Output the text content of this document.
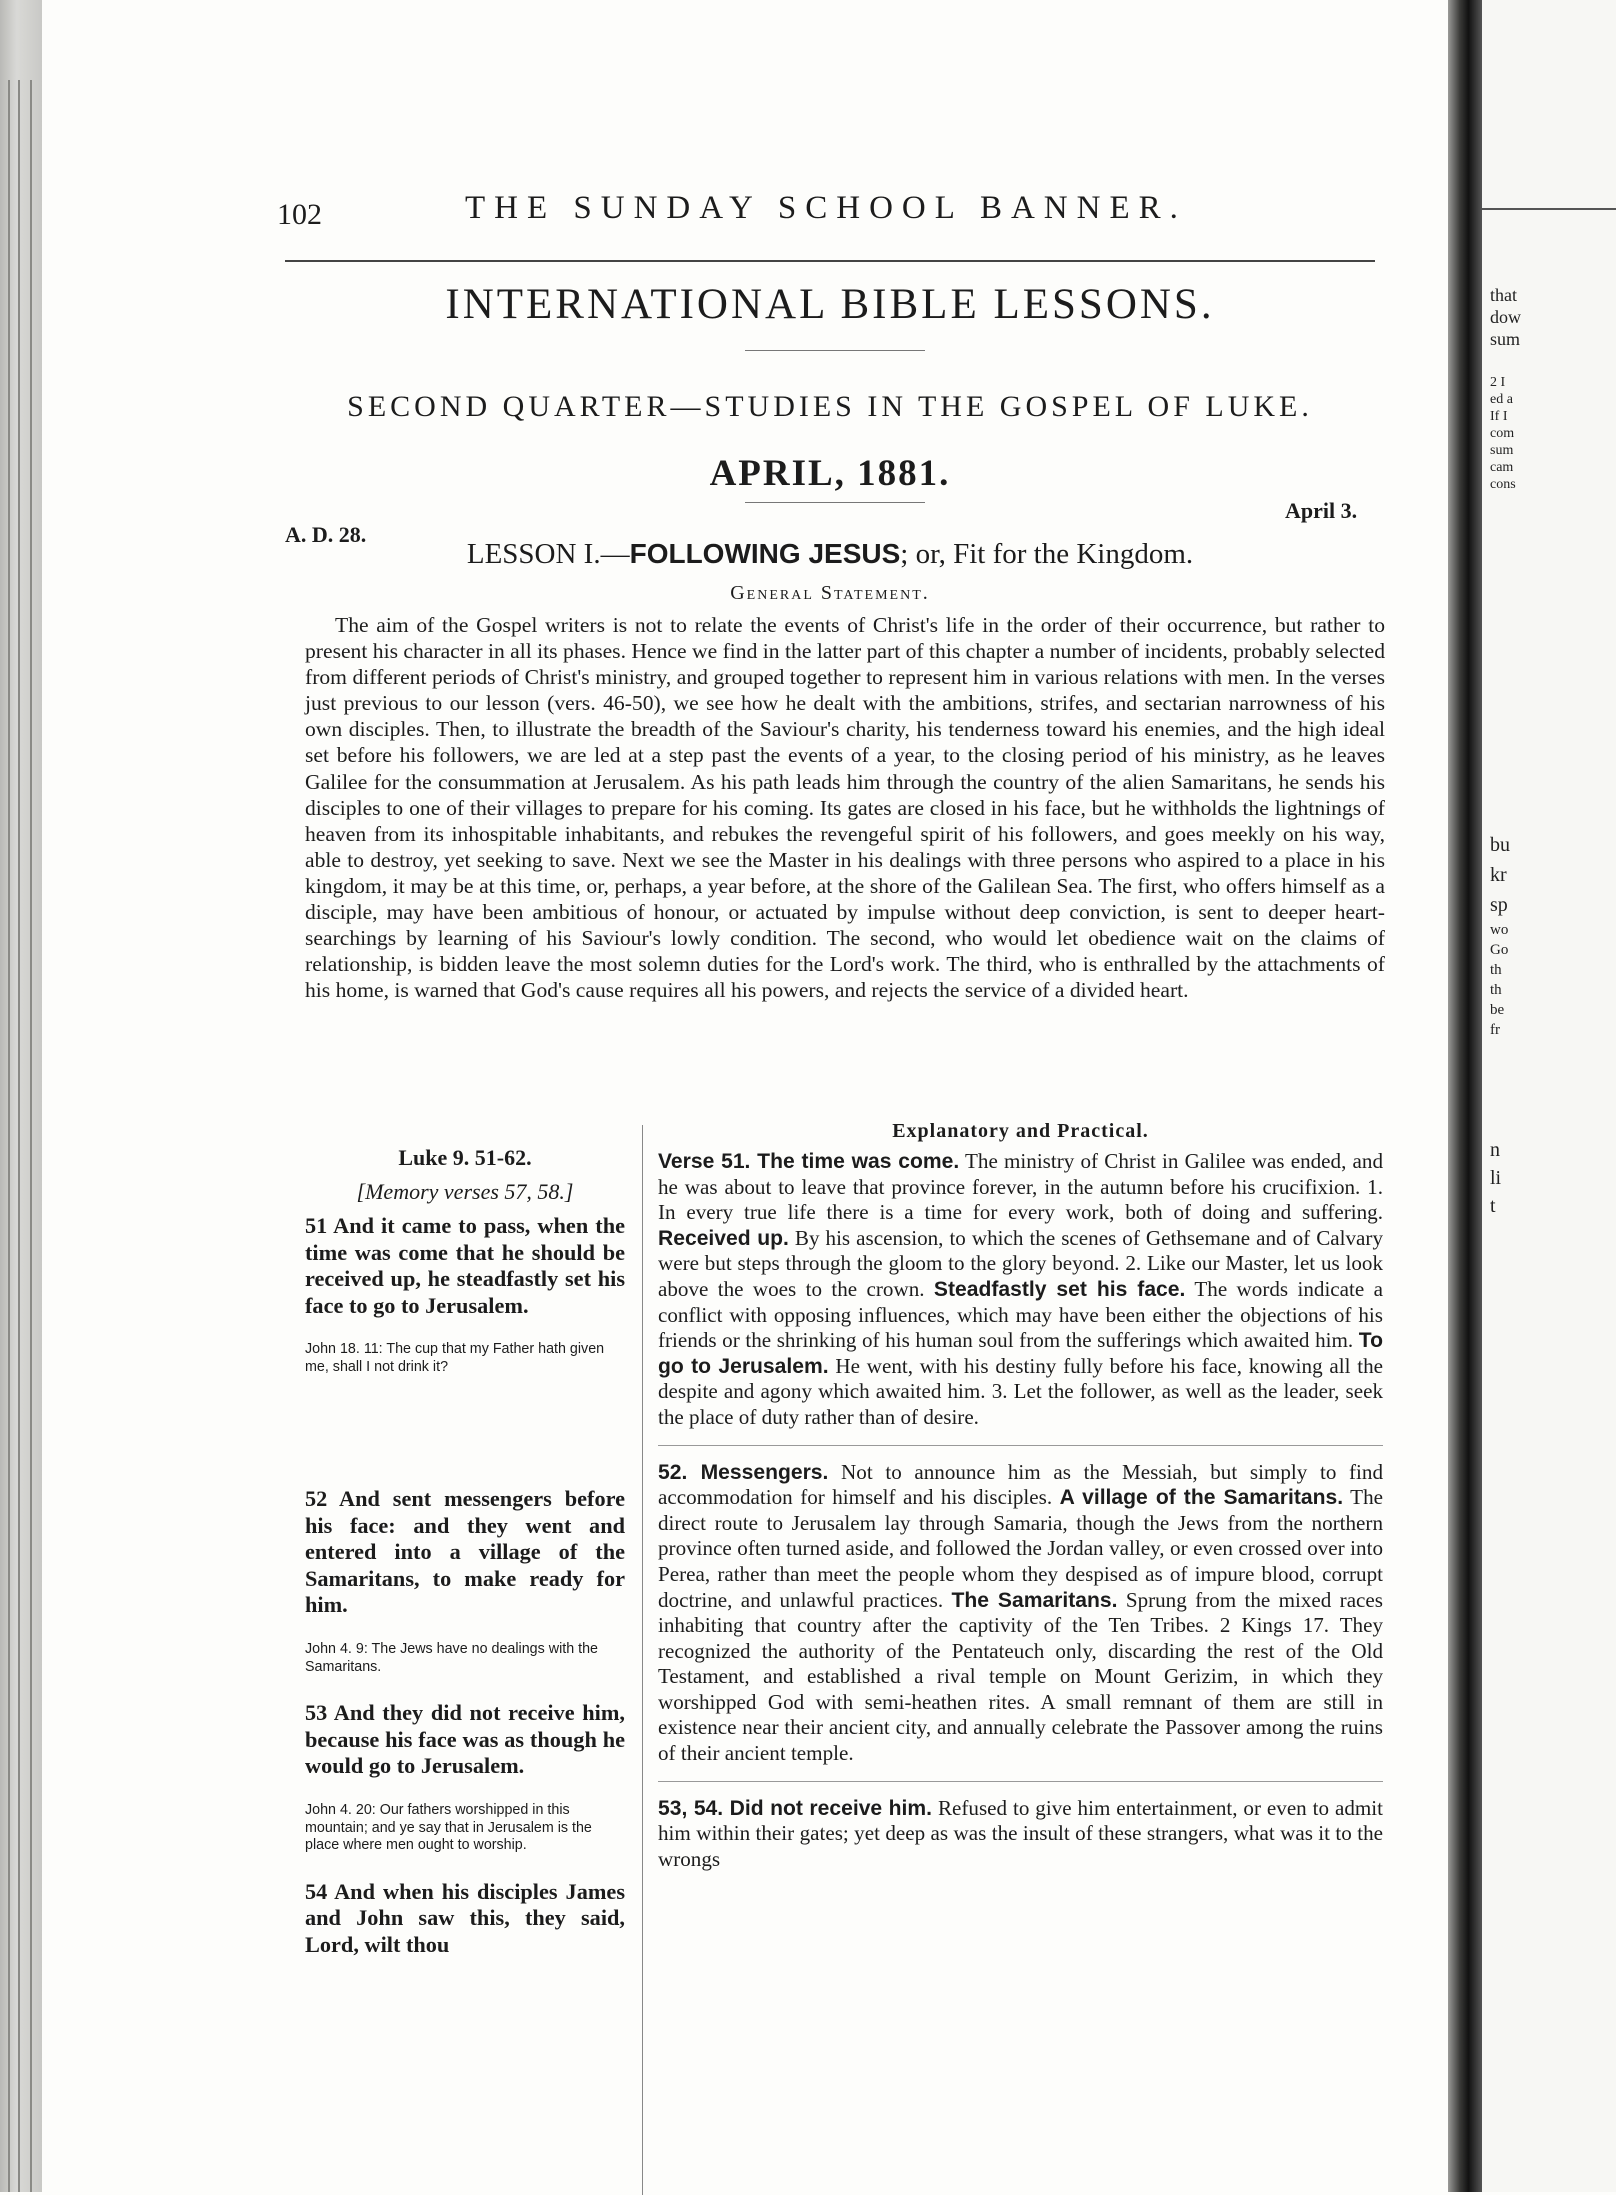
that
dow
sum

2 I
ed a
If I
com
sum
cam
cons

bu
kr
sp

wo
Go
th
th
be
fr

n
li
t

102	THE SUNDAY SCHOOL BANNER.
INTERNATIONAL BIBLE LESSONS.
SECOND QUARTER—STUDIES IN THE GOSPEL OF LUKE.
APRIL, 1881.
A. D. 28.
April 3.
LESSON I.—FOLLOWING JESUS; or, Fit for the Kingdom.
General Statement.

The aim of the Gospel writers is not to relate the events of Christ's life in the order of their occurrence, but rather to present his character in all its phases. Hence we find in the latter part of this chapter a number of incidents, probably selected from different periods of Christ's ministry, and grouped together to represent him in various relations with men. In the verses just previous to our lesson (vers. 46-50), we see how he dealt with the ambitions, strifes, and sectarian narrowness of his own disciples. Then, to illustrate the breadth of the Saviour's charity, his tenderness toward his enemies, and the high ideal set before his followers, we are led at a step past the events of a year, to the closing period of his ministry, as he leaves Galilee for the consummation at Jerusalem. As his path leads him through the country of the alien Samaritans, he sends his disciples to one of their villages to prepare for his coming. Its gates are closed in his face, but he withholds the lightnings of heaven from its inhospitable inhabitants, and rebukes the revengeful spirit of his followers, and goes meekly on his way, able to destroy, yet seeking to save. Next we see the Master in his dealings with three persons who aspired to a place in his kingdom, it may be at this time, or, perhaps, a year before, at the shore of the Galilean Sea. The first, who offers himself as a disciple, may have been ambitious of honour, or actuated by impulse without deep conviction, is sent to deeper heart-searchings by learning of his Saviour's lowly condition. The second, who would let obedience wait on the claims of relationship, is bidden leave the most solemn duties for the Lord's work. The third, who is enthralled by the attachments of his home, is warned that God's cause requires all his powers, and rejects the service of a divided heart.

Luke 9. 51-62.

[Memory verses 57, 58.]

51 And it came to pass, when the time was come that he should be received up, he steadfastly set his face to go to Jerusalem.

John 18. 11: The cup that my Father hath given me, shall I not drink it?

52 And sent messengers before his face: and they went and entered into a village of the Samaritans, to make ready for him.

John 4. 9: The Jews have no dealings with the Samaritans.

53 And they did not receive him, because his face was as though he would go to Jerusalem.

John 4. 20: Our fathers worshipped in this mountain; and ye say that in Jerusalem is the place where men ought to worship.

54 And when his disciples James and John saw this, they said, Lord, wilt thou

Explanatory and Practical.

Verse 51. The time was come. The ministry of Christ in Galilee was ended, and he was about to leave that province forever, in the autumn before his crucifixion. 1. In every true life there is a time for every work, both of doing and suffering. Received up. By his ascension, to which the scenes of Gethsemane and of Calvary were but steps through the gloom to the glory beyond. 2. Like our Master, let us look above the woes to the crown. Steadfastly set his face. The words indicate a conflict with opposing influences, which may have been either the objections of his friends or the shrinking of his human soul from the sufferings which awaited him. To go to Jerusalem. He went, with his destiny fully before his face, knowing all the despite and agony which awaited him. 3. Let the follower, as well as the leader, seek the place of duty rather than of desire.

52. Messengers. Not to announce him as the Messiah, but simply to find accommodation for himself and his disciples. A village of the Samaritans. The direct route to Jerusalem lay through Samaria, though the Jews from the northern province often turned aside, and followed the Jordan valley, or even crossed over into Perea, rather than meet the people whom they despised as of impure blood, corrupt doctrine, and unlawful practices. The Samaritans. Sprung from the mixed races inhabiting that country after the captivity of the Ten Tribes. 2 Kings 17. They recognized the authority of the Pentateuch only, discarding the rest of the Old Testament, and established a rival temple on Mount Gerizim, in which they worshipped God with semi-heathen rites. A small remnant of them are still in existence near their ancient city, and annually celebrate the Passover among the ruins of their ancient temple.

53, 54. Did not receive him. Refused to give him entertainment, or even to admit him within their gates; yet deep as was the insult of these strangers, what was it to the wrongs
